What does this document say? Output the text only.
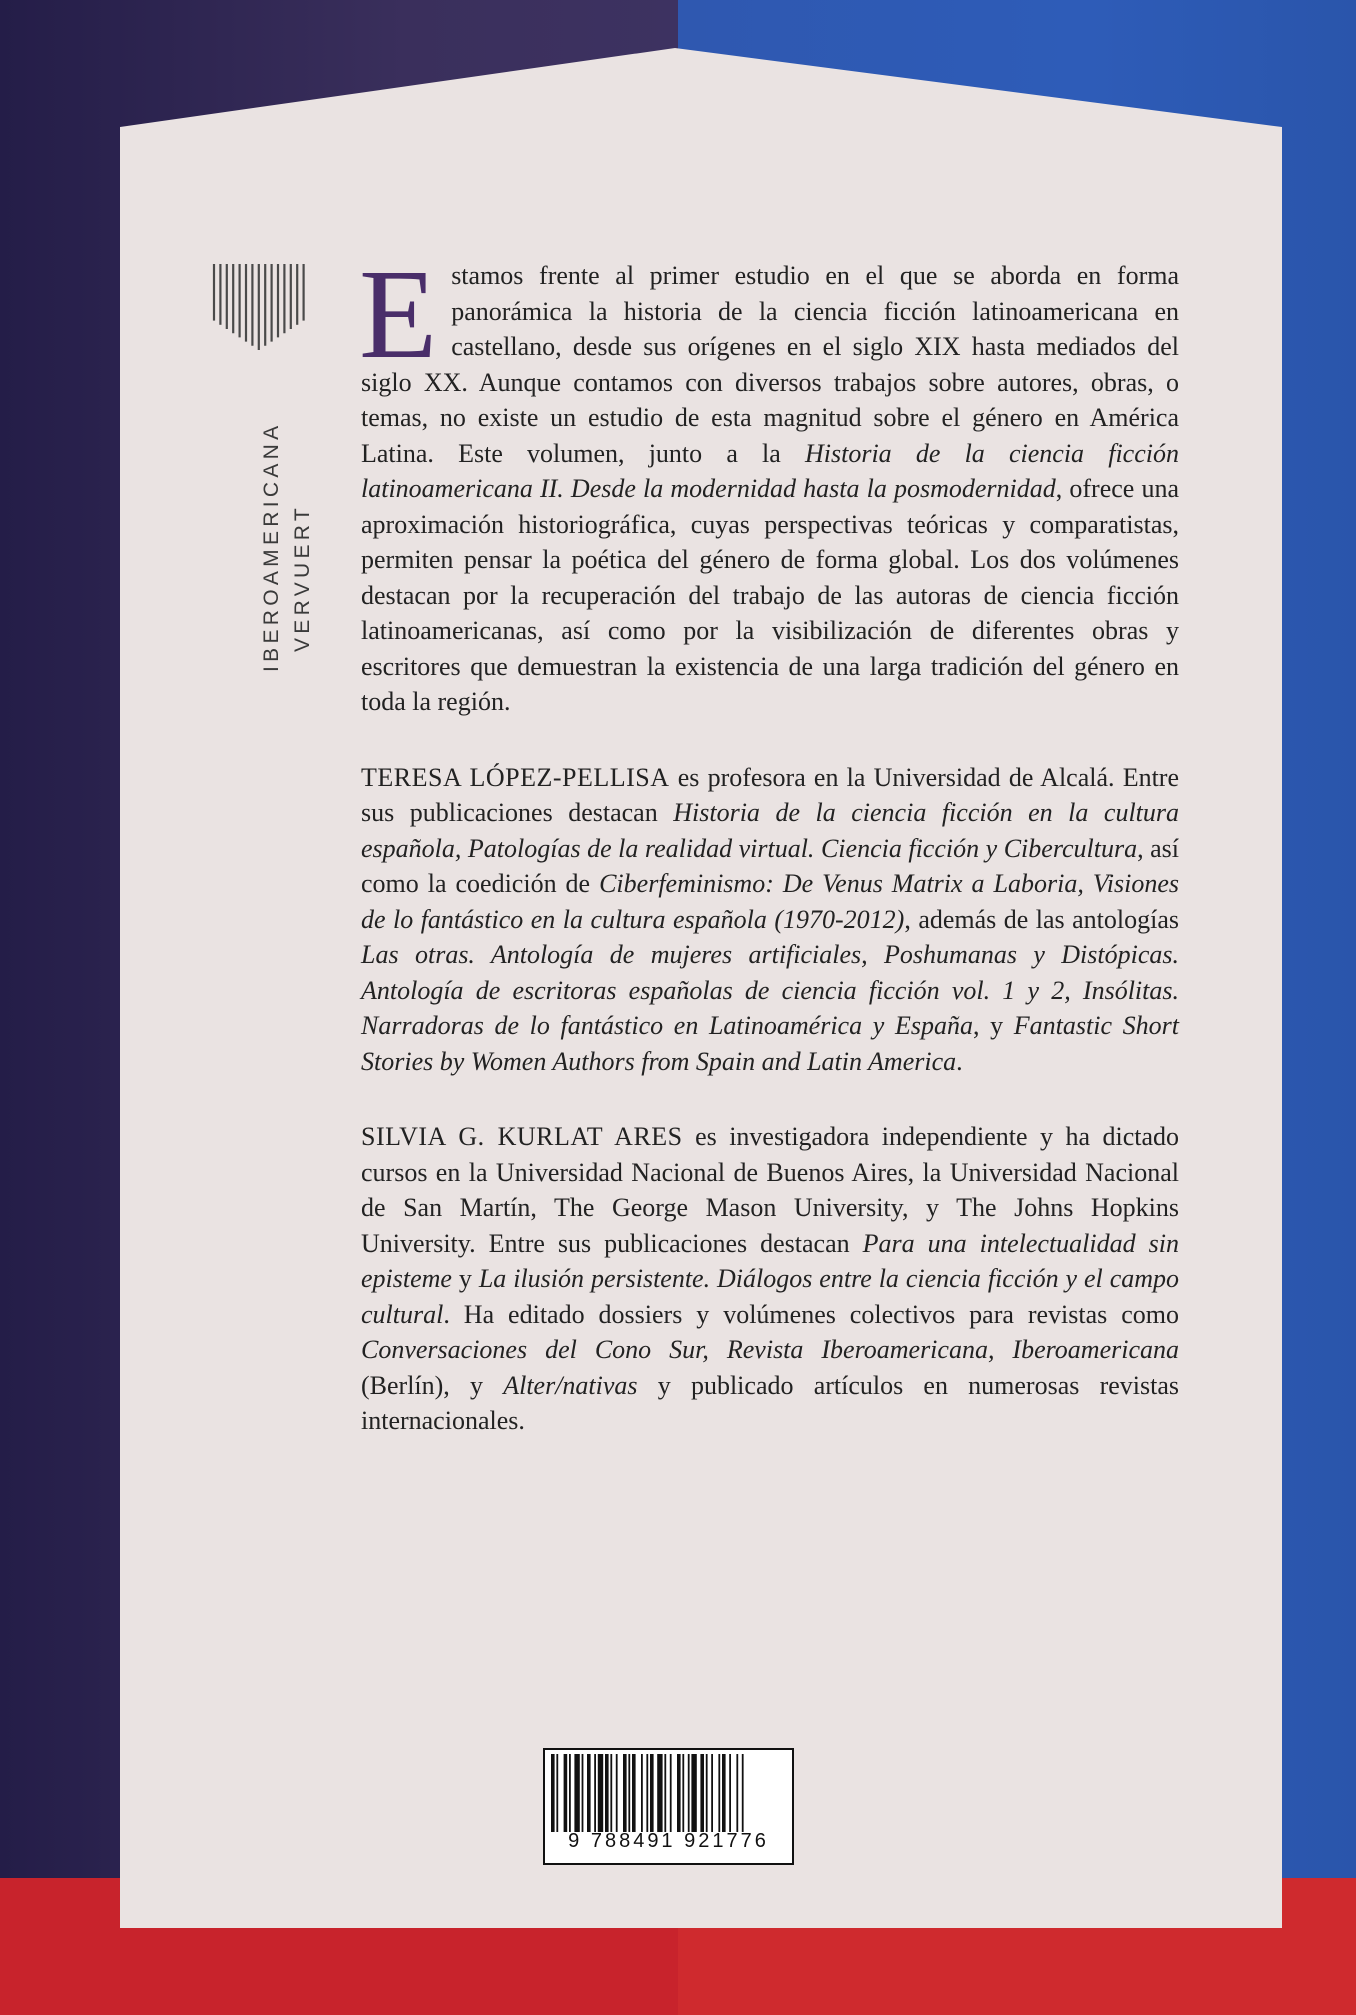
IBEROAMERICANA VERVUERT

Estamos frente al primer estudio en el que se aborda en forma panorámica la historia de la ciencia ficción latinoamericana en castellano, desde sus orígenes en el siglo XIX hasta mediados del siglo XX. Aunque contamos con diversos trabajos sobre autores, obras, o temas, no existe un estudio de esta magnitud sobre el género en América Latina. Este volumen, junto a la Historia de la ciencia ficción latinoamericana II. Desde la modernidad hasta la posmodernidad, ofrece una aproximación historiográfica, cuyas perspectivas teóricas y comparatistas, permiten pensar la poética del género de forma global. Los dos volúmenes destacan por la recuperación del trabajo de las autoras de ciencia ficción latinoamericanas, así como por la visibilización de diferentes obras y escritores que demuestran la existencia de una larga tradición del género en toda la región.

TERESA LÓPEZ-PELLISA es profesora en la Universidad de Alcalá. Entre sus publicaciones destacan Historia de la ciencia ficción en la cultura española, Patologías de la realidad virtual. Ciencia ficción y Cibercultura, así como la coedición de Ciberfeminismo: De Venus Matrix a Laboria, Visiones de lo fantástico en la cultura española (1970-2012), además de las antologías Las otras. Antología de mujeres artificiales, Poshumanas y Distópicas. Antología de escritoras españolas de ciencia ficción vol. 1 y 2, Insólitas. Narradoras de lo fantástico en Latinoamérica y España, y Fantastic Short Stories by Women Authors from Spain and Latin America.

SILVIA G. KURLAT ARES es investigadora independiente y ha dictado cursos en la Universidad Nacional de Buenos Aires, la Universidad Nacional de San Martín, The George Mason University, y The Johns Hopkins University. Entre sus publicaciones destacan Para una intelectualidad sin episteme y La ilusión persistente. Diálogos entre la ciencia ficción y el campo cultural. Ha editado dossiers y volúmenes colectivos para revistas como Conversaciones del Cono Sur, Revista Iberoamericana, Iberoamericana (Berlín), y Alter/nativas y publicado artículos en numerosas revistas internacionales.

9 788491 921776
